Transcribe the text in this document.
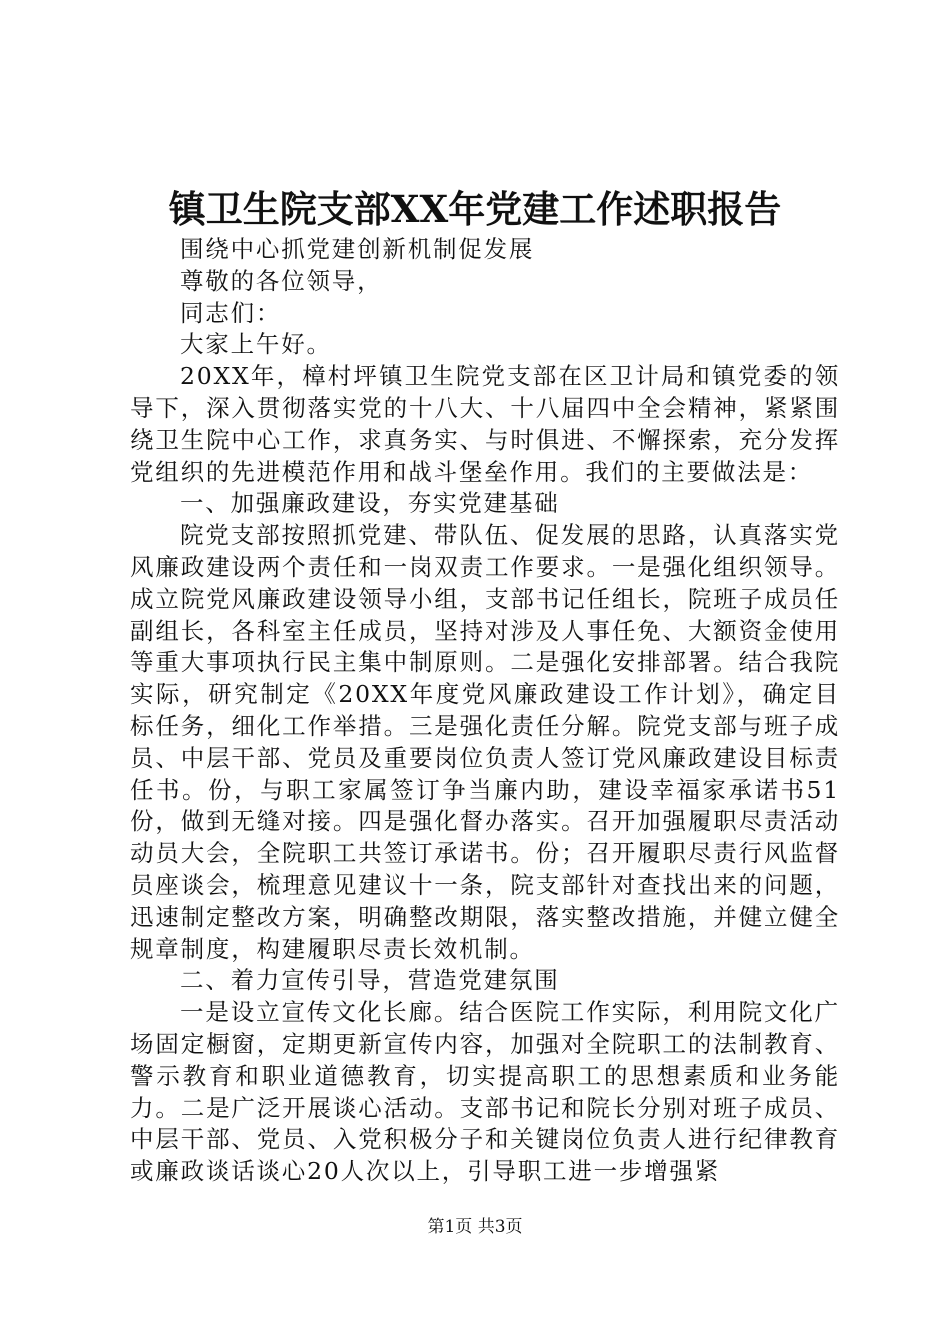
镇卫生院支部XX年党建工作述职报告

围绕中心抓党建创新机制促发展

尊敬的各位领导，

同志们：

大家上午好。

20XX年，樟村坪镇卫生院党支部在区卫计局和镇党委的领导下，深入贯彻落实党的十八大、十八届四中全会精神，紧紧围绕卫生院中心工作，求真务实、与时俱进、不懈探索，充分发挥党组织的先进模范作用和战斗堡垒作用。我们的主要做法是：

一、加强廉政建设，夯实党建基础

院党支部按照抓党建、带队伍、促发展的思路，认真落实党风廉政建设两个责任和一岗双责工作要求。一是强化组织领导。成立院党风廉政建设领导小组，支部书记任组长，院班子成员任副组长，各科室主任成员，坚持对涉及人事任免、大额资金使用等重大事项执行民主集中制原则。二是强化安排部署。结合我院实际，研究制定《20XX年度党风廉政建设工作计划》，确定目标任务，细化工作举措。三是强化责任分解。院党支部与班子成员、中层干部、党员及重要岗位负责人签订党风廉政建设目标责任书。份，与职工家属签订争当廉内助，建设幸福家承诺书51份，做到无缝对接。四是强化督办落实。召开加强履职尽责活动动员大会，全院职工共签订承诺书。份；召开履职尽责行风监督员座谈会，梳理意见建议十一条，院支部针对查找出来的问题，迅速制定整改方案，明确整改期限，落实整改措施，并健立健全规章制度，构建履职尽责长效机制。

二、着力宣传引导，营造党建氛围

一是设立宣传文化长廊。结合医院工作实际，利用院文化广场固定橱窗，定期更新宣传内容，加强对全院职工的法制教育、警示教育和职业道德教育，切实提高职工的思想素质和业务能力。二是广泛开展谈心活动。支部书记和院长分别对班子成员、中层干部、党员、入党积极分子和关键岗位负责人进行纪律教育或廉政谈话谈心20人次以上，引导职工进一步增强紧

第1页 共3页
